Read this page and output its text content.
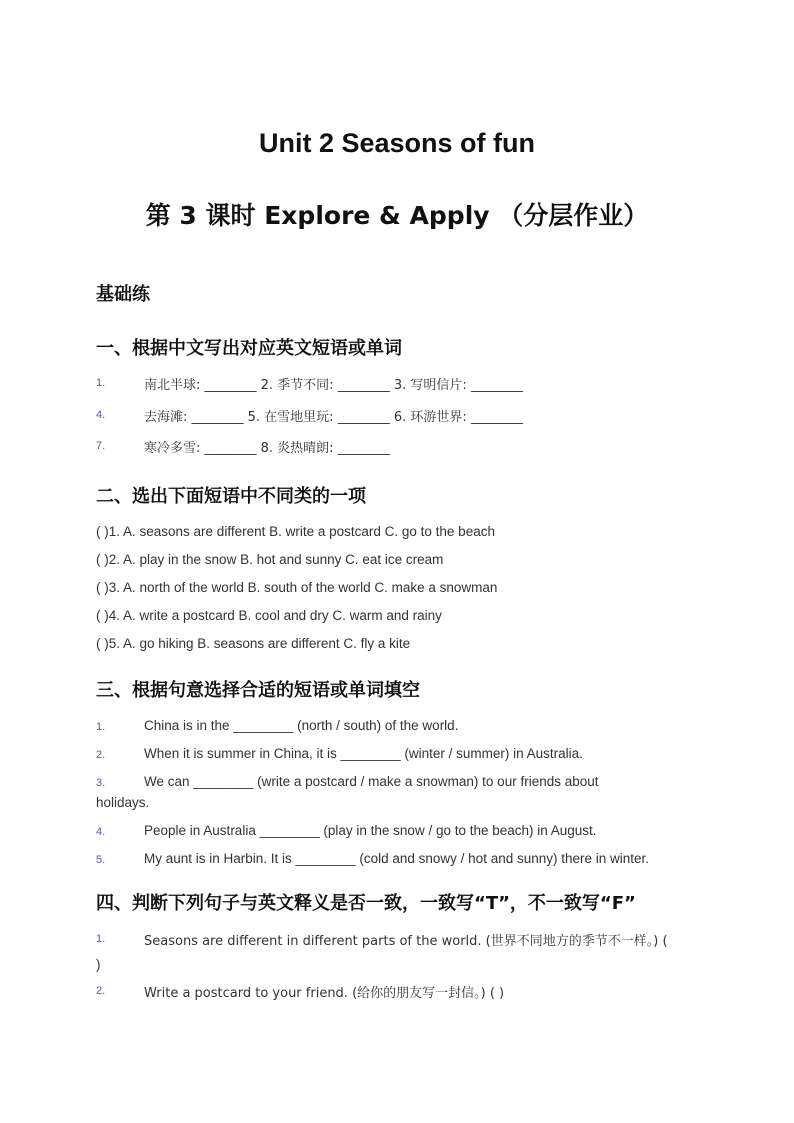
Unit 2 Seasons of fun
第 3 课时 Explore & Apply （分层作业）
基础练
一、根据中文写出对应英文短语或单词
1.	南北半球: ________ 2. 季节不同: ________ 3. 写明信片: ________
4.	去海滩: ________ 5. 在雪地里玩: ________ 6. 环游世界: ________
7.	寒冷多雪: ________ 8. 炎热晴朗: ________
二、选出下面短语中不同类的一项
( )1. A. seasons are different B. write a postcard C. go to the beach
( )2. A. play in the snow B. hot and sunny C. eat ice cream
( )3. A. north of the world B. south of the world C. make a snowman
( )4. A. write a postcard B. cool and dry C. warm and rainy
( )5. A. go hiking B. seasons are different C. fly a kite
三、根据句意选择合适的短语或单词填空
1.	China is in the ________ (north / south) of the world.
2.	When it is summer in China, it is ________ (winter / summer) in Australia.
3.	We can ________ (write a postcard / make a snowman) to our friends about
holidays.
4.	People in Australia ________ (play in the snow / go to the beach) in August.
5.	My aunt is in Harbin. It is ________ (cold and snowy / hot and sunny) there in winter.
四、判断下列句子与英文释义是否一致，一致写“T”，不一致写“F”
1.	Seasons are different in different parts of the world. (世界不同地方的季节不一样。) (
)
2.	Write a postcard to your friend. (给你的朋友写一封信。) ( )
